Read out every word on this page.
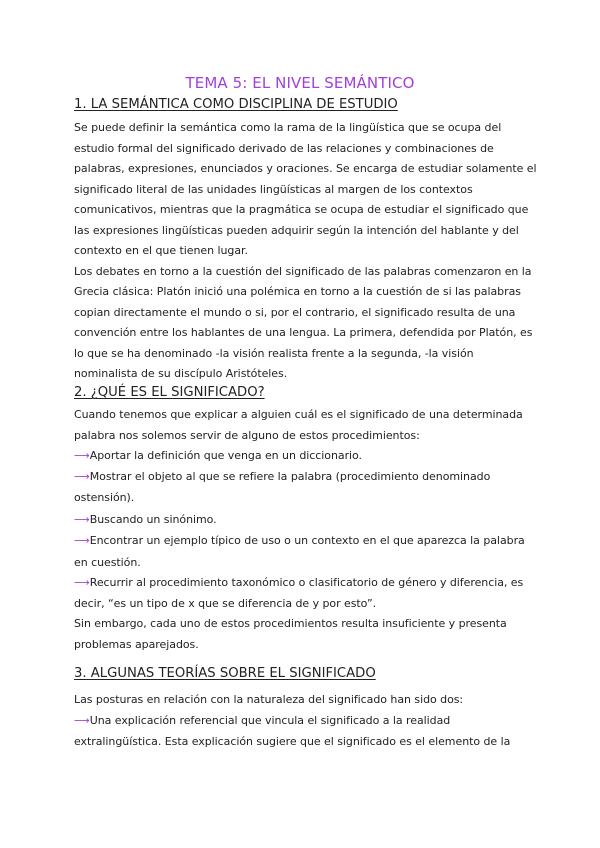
TEMA 5: EL NIVEL SEMÁNTICO
1. LA SEMÁNTICA COMO DISCIPLINA DE ESTUDIO
Se puede definir la semántica como la rama de la lingüística que se ocupa del
estudio formal del significado derivado de las relaciones y combinaciones de
palabras, expresiones, enunciados y oraciones. Se encarga de estudiar solamente el
significado literal de las unidades lingüísticas al margen de los contextos
comunicativos, mientras que la pragmática se ocupa de estudiar el significado que
las expresiones lingüísticas pueden adquirir según la intención del hablante y del
contexto en el que tienen lugar.
Los debates en torno a la cuestión del significado de las palabras comenzaron en la
Grecia clásica: Platón inició una polémica en torno a la cuestión de si las palabras
copian directamente el mundo o si, por el contrario, el significado resulta de una
convención entre los hablantes de una lengua. La primera, defendida por Platón, es
lo que se ha denominado -la visión realista frente a la segunda, -la visión
nominalista de su discípulo Aristóteles.
2. ¿QUÉ ES EL SIGNIFICADO?
Cuando tenemos que explicar a alguien cuál es el significado de una determinada
palabra nos solemos servir de alguno de estos procedimientos:
⟶Aportar la definición que venga en un diccionario.
⟶Mostrar el objeto al que se refiere la palabra (procedimiento denominado
ostensión).
⟶Buscando un sinónimo.
⟶Encontrar un ejemplo típico de uso o un contexto en el que aparezca la palabra
en cuestión.
⟶Recurrir al procedimiento taxonómico o clasificatorio de género y diferencia, es
decir, “es un tipo de x que se diferencia de y por esto”.
Sin embargo, cada uno de estos procedimientos resulta insuficiente y presenta
problemas aparejados.
3. ALGUNAS TEORÍAS SOBRE EL SIGNIFICADO
Las posturas en relación con la naturaleza del significado han sido dos:
⟶Una explicación referencial que vincula el significado a la realidad
extralingüística. Esta explicación sugiere que el significado es el elemento de la
